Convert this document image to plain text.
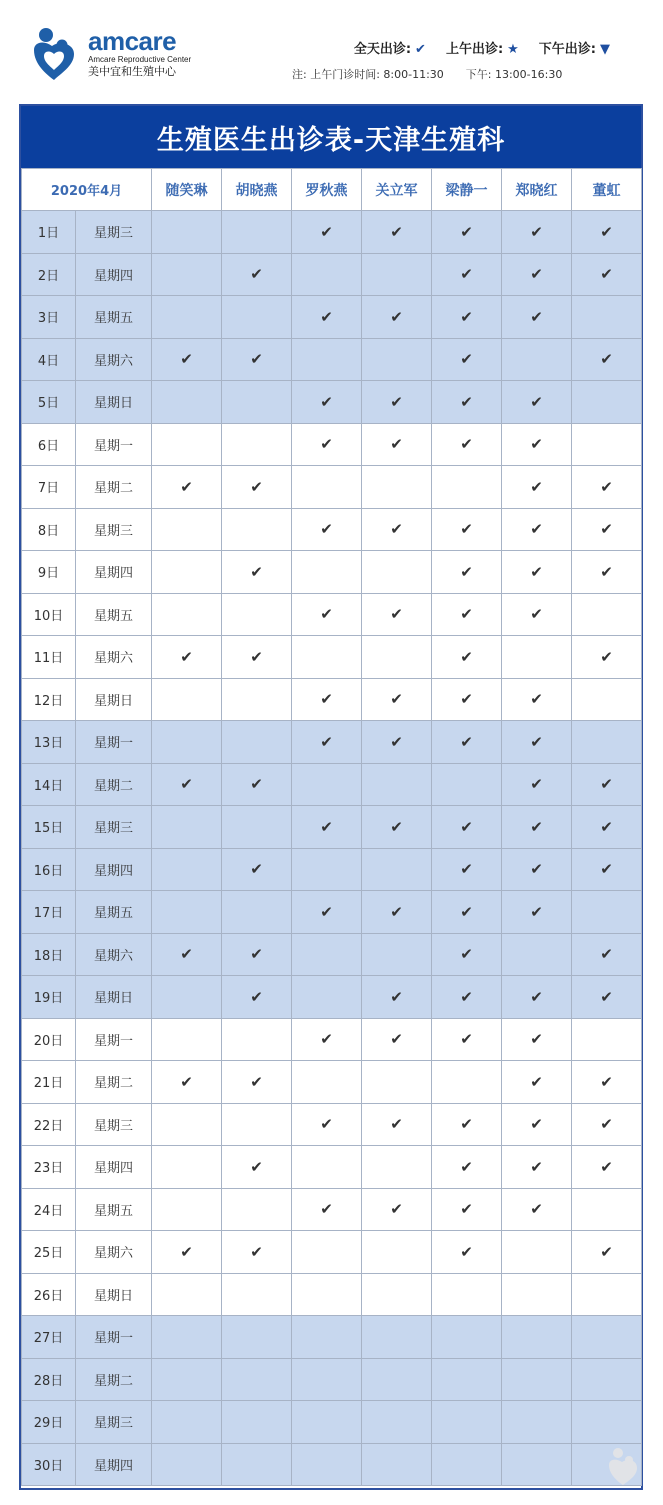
amcare
Amcare Reproductive Center
美中宜和生殖中心
全天出诊: ✔ 上午出诊: ★ 下午出诊: ▼
注: 上午门诊时间: 8:00-11:30 下午: 13:00-16:30
生殖医生出诊表-天津生殖科
2020年4月		随笑琳	胡晓燕	罗秋燕	关立军	梁静一	郑晓红	董虹
1日	星期三			✔	✔	✔	✔	✔
2日	星期四		✔			✔	✔	✔
3日	星期五			✔	✔	✔	✔	
4日	星期六	✔	✔			✔		✔
5日	星期日			✔	✔	✔	✔	
6日	星期一			✔	✔	✔	✔	
7日	星期二	✔	✔				✔	✔
8日	星期三			✔	✔	✔	✔	✔
9日	星期四		✔			✔	✔	✔
10日	星期五			✔	✔	✔	✔	
11日	星期六	✔	✔			✔		✔
12日	星期日			✔	✔	✔	✔	
13日	星期一			✔	✔	✔	✔	
14日	星期二	✔	✔				✔	✔
15日	星期三			✔	✔	✔	✔	✔
16日	星期四		✔			✔	✔	✔
17日	星期五			✔	✔	✔	✔	
18日	星期六	✔	✔			✔		✔
19日	星期日		✔		✔	✔	✔	✔
20日	星期一			✔	✔	✔	✔	
21日	星期二	✔	✔				✔	✔
22日	星期三			✔	✔	✔	✔	✔
23日	星期四		✔			✔	✔	✔
24日	星期五			✔	✔	✔	✔	
25日	星期六	✔	✔			✔		✔
26日	星期日							
27日	星期一							
28日	星期二							
29日	星期三							
30日	星期四							
